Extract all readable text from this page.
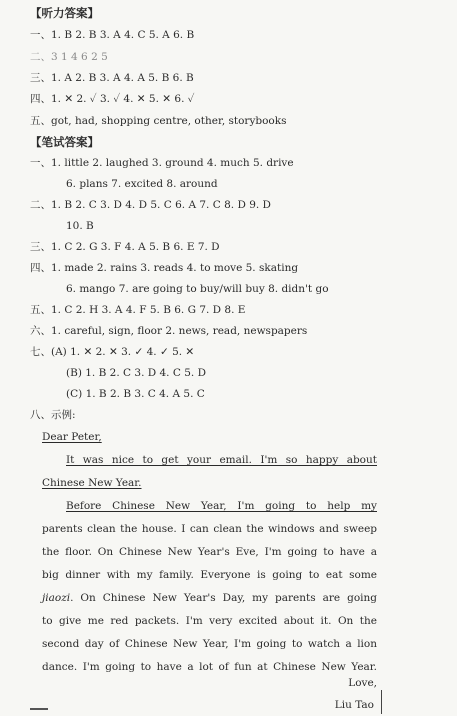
【听力答案】
一、1. B 2. B 3. A 4. C 5. A 6. B
二、3 1 4 6 2 5
三、1. A 2. B 3. A 4. A 5. B 6. B
四、1. ✕ 2. ✓ 3. ✓ 4. ✕ 5. ✕ 6. ✓
五、got, had, shopping centre, other, storybooks
【笔试答案】
一、1. little 2. laughed 3. ground 4. much 5. drive
6. plans 7. excited 8. around
二、1. B 2. C 3. D 4. D 5. C 6. A 7. C 8. D 9. D
10. B
三、1. C 2. G 3. F 4. A 5. B 6. E 7. D
四、1. made 2. rains 3. reads 4. to move 5. skating
6. mango 7. are going to buy/will buy 8. didn't go
五、1. C 2. H 3. A 4. F 5. B 6. G 7. D 8. E
六、1. careful, sign, floor 2. news, read, newspapers
七、(A) 1. ✕ 2. ✕ 3. ✓ 4. ✓ 5. ✕
(B) 1. B 2. C 3. D 4. C 5. D
(C) 1. B 2. B 3. C 4. A 5. C
八、示例:
Dear Peter,
It was nice to get your email. I'm so happy about
Chinese New Year.
Before Chinese New Year, I'm going to help my
parents clean the house. I can clean the windows and sweep
the floor. On Chinese New Year's Eve, I'm going to have a
big dinner with my family. Everyone is going to eat some
jiaozi. On Chinese New Year's Day, my parents are going
to give me red packets. I'm very excited about it. On the
second day of Chinese New Year, I'm going to watch a lion
dance. I'm going to have a lot of fun at Chinese New Year.
Love,
Liu Tao
